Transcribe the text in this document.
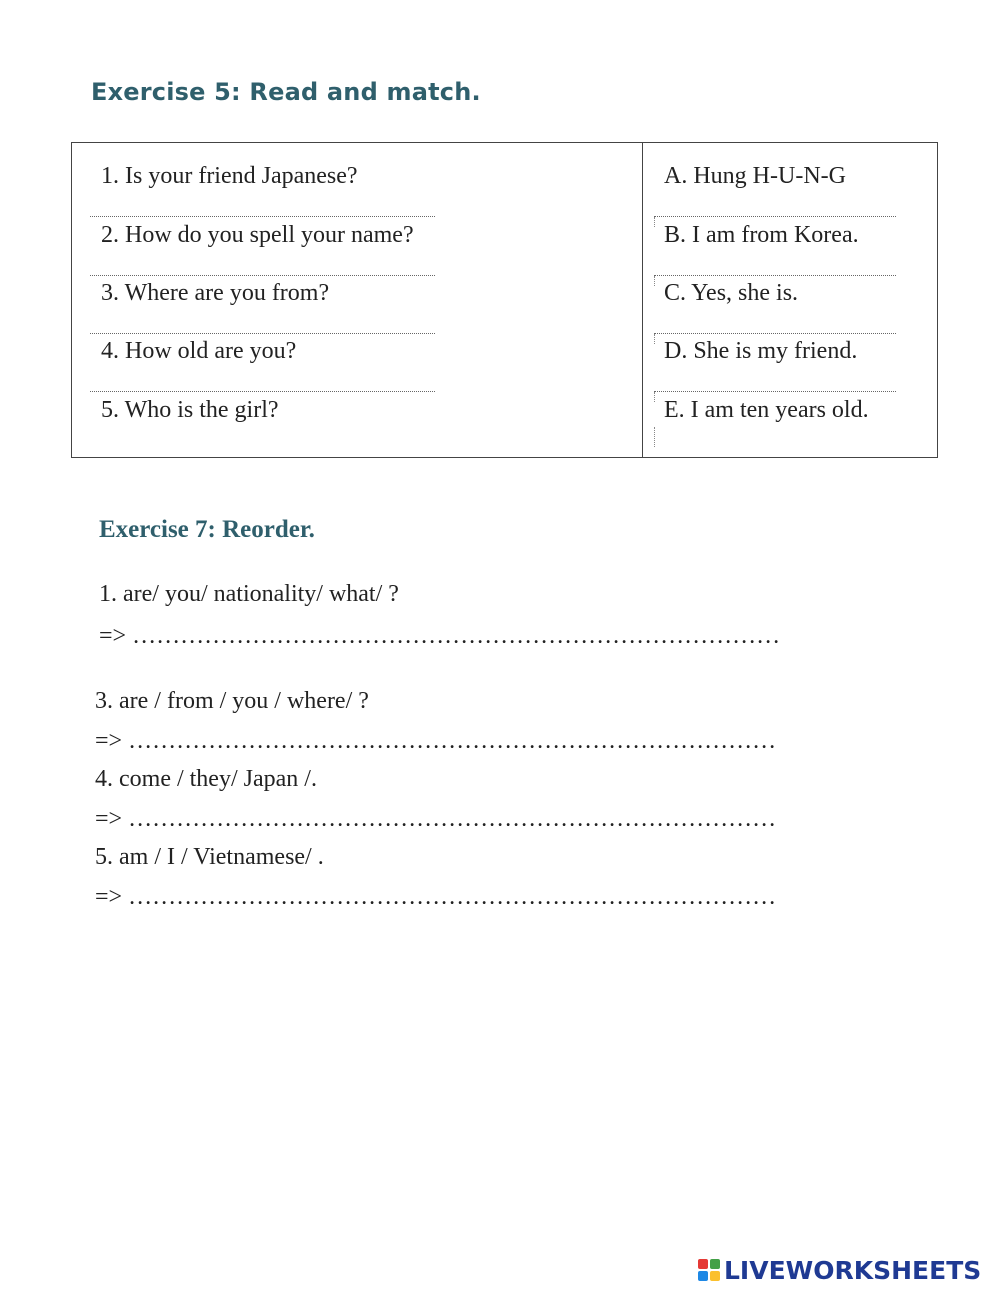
Exercise 5: Read and match.
1. Is your friend Japanese?
2. How do you spell your name?
3. Where are you from?
4. How old are you?
5. Who is the girl?
A. Hung H-U-N-G
B. I am from Korea.
C. Yes, she is.
D. She is my friend.
E. I am ten years old.
Exercise 7: Reorder.
1. are/ you/ nationality/ what/ ?
=> ………………………………………………………………………
3. are / from / you / where/ ?
=> ………………………………………………………………………
4. come / they/ Japan /.
=> ………………………………………………………………………
5. am / I / Vietnamese/ .
=> ………………………………………………………………………
LIVEWORKSHEETS
